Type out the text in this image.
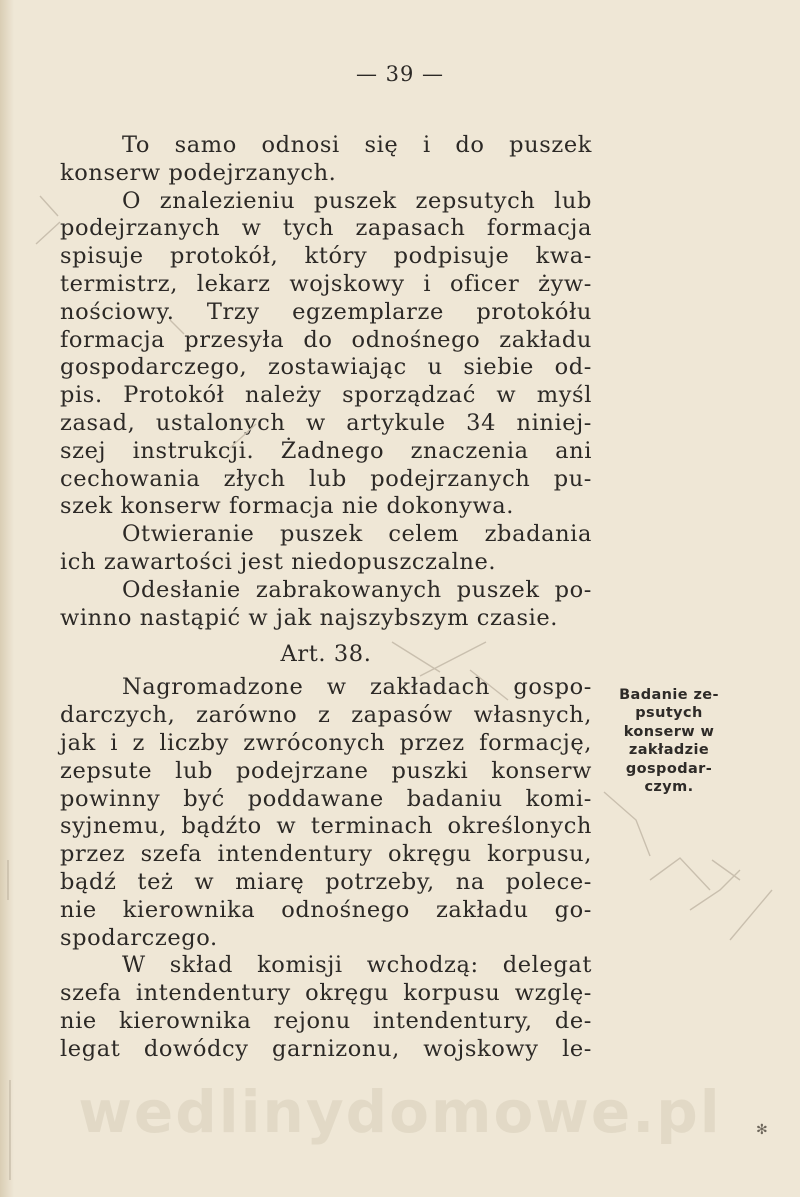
— 39 —
To samo odnosi się i do puszek
konserw podejrzanych.
O znalezieniu puszek zepsutych lub
podejrzanych w tych zapasach formacja
spisuje protokół, który podpisuje kwa-
termistrz, lekarz wojskowy i oficer żyw-
nościowy. Trzy egzemplarze protokółu
formacja przesyła do odnośnego zakładu
gospodarczego, zostawiając u siebie od-
pis. Protokół należy sporządzać w myśl
zasad, ustalonych w artykule 34 niniej-
szej instrukcji. Żadnego znaczenia ani
cechowania złych lub podejrzanych pu-
szek konserw formacja nie dokonywa.
Otwieranie puszek celem zbadania
ich zawartości jest niedopuszczalne.
Odesłanie zabrakowanych puszek po-
winno nastąpić w jak najszybszym czasie.
Art. 38.
Nagromadzone w zakładach gospo-
darczych, zarówno z zapasów własnych,
jak i z liczby zwróconych przez formację,
zepsute lub podejrzane puszki konserw
powinny być poddawane badaniu komi-
syjnemu, bądźto w terminach określonych
przez szefa intendentury okręgu korpusu,
bądź też w miarę potrzeby, na polece-
nie kierownika odnośnego zakładu go-
spodarczego.
W skład komisji wchodzą: delegat
szefa intendentury okręgu korpusu wzglę-
nie kierownika rejonu intendentury, de-
legat dowódcy garnizonu, wojskowy le-
Badanie ze-
psutych
konserw w
zakładzie
gospodar-
czym.
wedlinydomowe.pl	✻
